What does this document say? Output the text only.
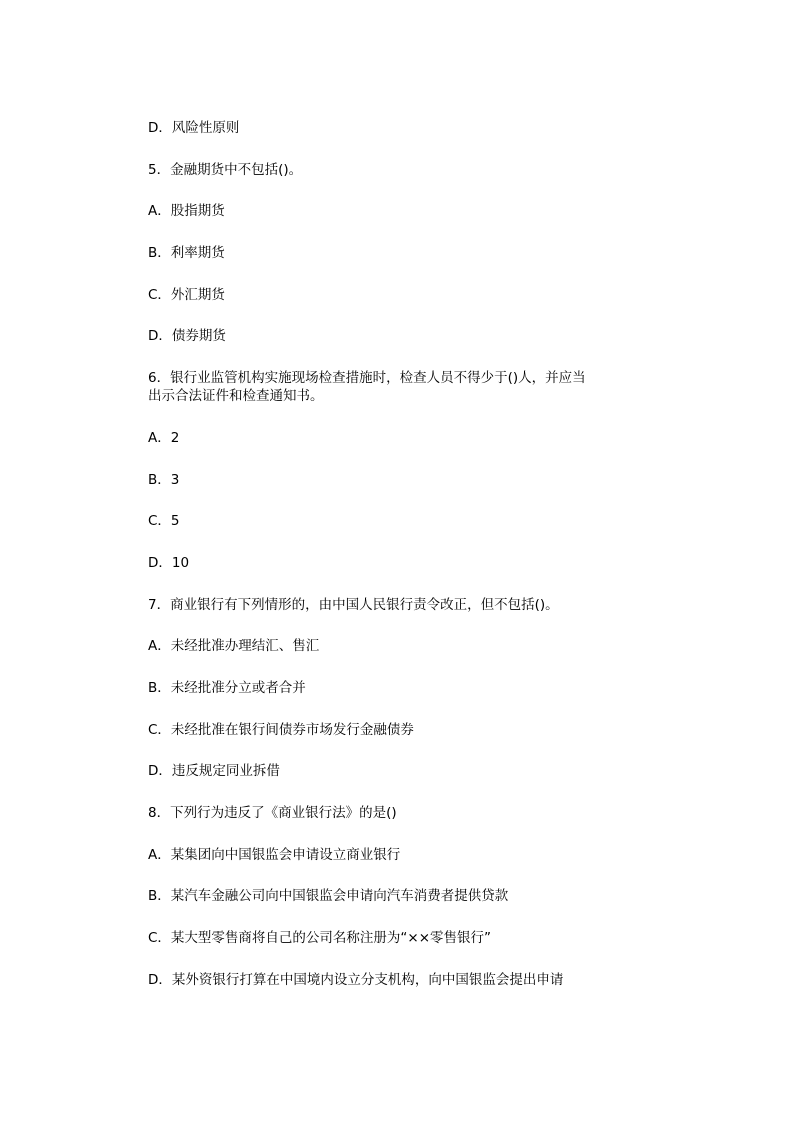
D．风险性原则

5．金融期货中不包括()。

A．股指期货

B．利率期货

C．外汇期货

D．债券期货

6．银行业监管机构实施现场检查措施时，检查人员不得少于()人，并应当出示合法证件和检查通知书。

A．2

B．3

C．5

D．10

7．商业银行有下列情形的，由中国人民银行责令改正，但不包括()。

A．未经批准办理结汇、售汇

B．未经批准分立或者合并

C．未经批准在银行间债券市场发行金融债券

D．违反规定同业拆借

8．下列行为违反了《商业银行法》的是()

A．某集团向中国银监会申请设立商业银行

B．某汽车金融公司向中国银监会申请向汽车消费者提供贷款

C．某大型零售商将自己的公司名称注册为“××零售银行”

D．某外资银行打算在中国境内设立分支机构，向中国银监会提出申请
